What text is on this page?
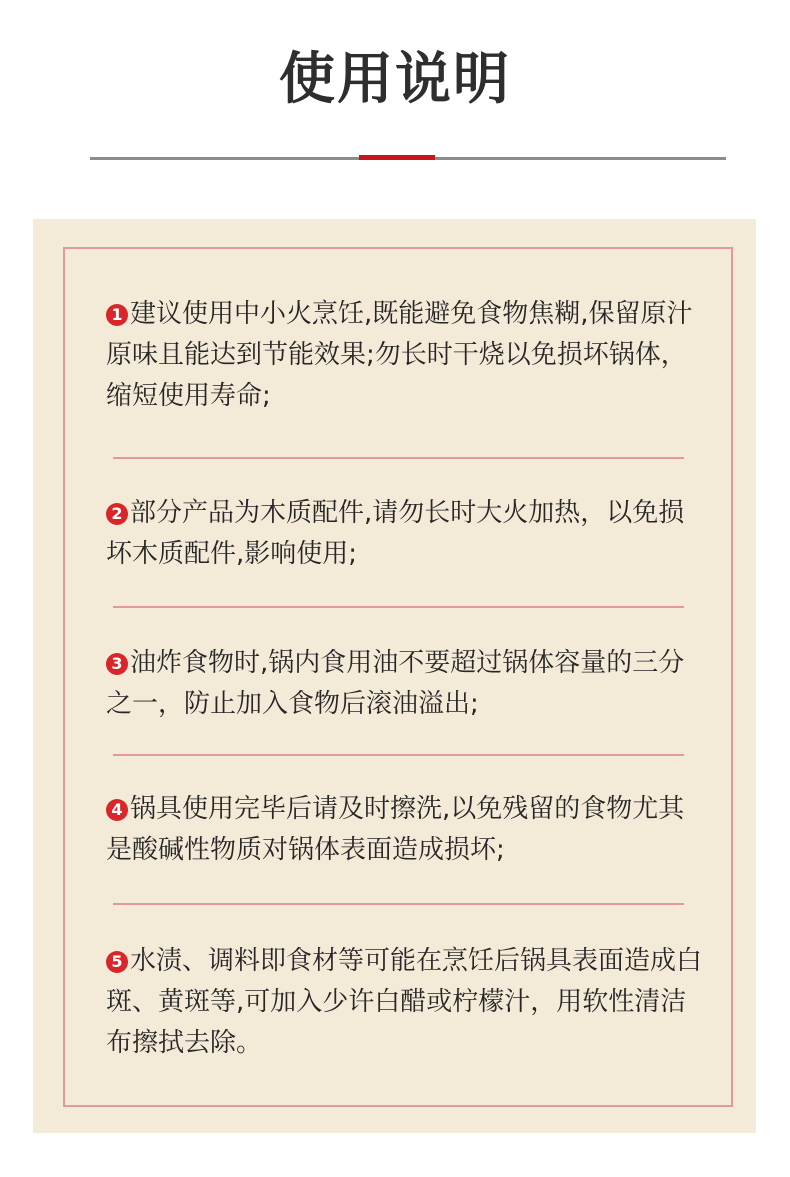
使用说明
1 建议使用中小火烹饪,既能避免食物焦糊,保留原汁原味且能达到节能效果;勿长时干烧以免损坏锅体，缩短使用寿命;
2 部分产品为木质配件,请勿长时大火加热，以免损坏木质配件,影响使用;
3 油炸食物时,锅内食用油不要超过锅体容量的三分之一，防止加入食物后滚油溢出;
4 锅具使用完毕后请及时擦洗,以免残留的食物尤其是酸碱性物质对锅体表面造成损坏;
5 水渍、调料即食材等可能在烹饪后锅具表面造成白斑、黄斑等,可加入少许白醋或柠檬汁，用软性清洁布擦拭去除。
